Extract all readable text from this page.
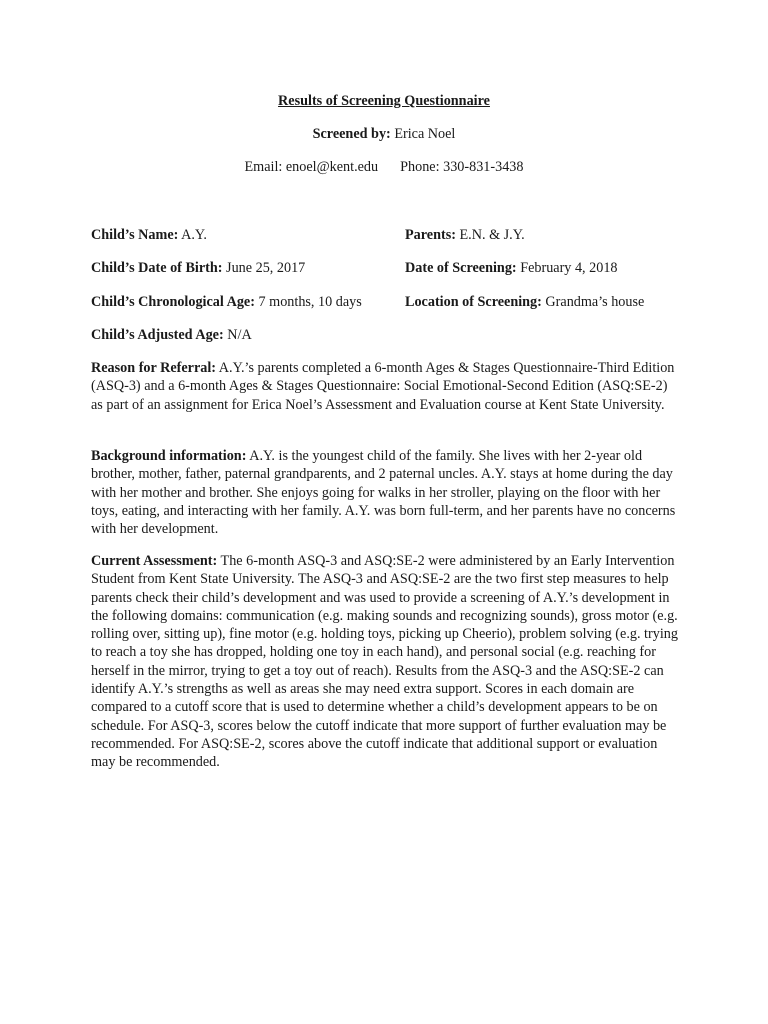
Results of Screening Questionnaire
Screened by: Erica Noel
Email: enoel@kent.edu Phone: 330-831-3438
Child’s Name: A.Y.	Parents: E.N. & J.Y.
Child’s Date of Birth: June 25, 2017	Date of Screening: February 4, 2018
Child’s Chronological Age: 7 months, 10 days	Location of Screening: Grandma’s house
Child’s Adjusted Age: N/A
Reason for Referral: A.Y.’s parents completed a 6-month Ages & Stages Questionnaire-Third Edition (ASQ-3) and a 6-month Ages & Stages Questionnaire: Social Emotional-Second Edition (ASQ:SE-2) as part of an assignment for Erica Noel’s Assessment and Evaluation course at Kent State University.
Background information: A.Y. is the youngest child of the family. She lives with her 2-year old brother, mother, father, paternal grandparents, and 2 paternal uncles. A.Y. stays at home during the day with her mother and brother. She enjoys going for walks in her stroller, playing on the floor with her toys, eating, and interacting with her family. A.Y. was born full-term, and her parents have no concerns with her development.
Current Assessment: The 6-month ASQ-3 and ASQ:SE-2 were administered by an Early Intervention Student from Kent State University. The ASQ-3 and ASQ:SE-2 are the two first step measures to help parents check their child’s development and was used to provide a screening of A.Y.’s development in the following domains: communication (e.g. making sounds and recognizing sounds), gross motor (e.g. rolling over, sitting up), fine motor (e.g. holding toys, picking up Cheerio), problem solving (e.g. trying to reach a toy she has dropped, holding one toy in each hand), and personal social (e.g. reaching for herself in the mirror, trying to get a toy out of reach). Results from the ASQ-3 and the ASQ:SE-2 can identify A.Y.’s strengths as well as areas she may need extra support. Scores in each domain are compared to a cutoff score that is used to determine whether a child’s development appears to be on schedule. For ASQ-3, scores below the cutoff indicate that more support of further evaluation may be recommended. For ASQ:SE-2, scores above the cutoff indicate that additional support or evaluation may be recommended.
